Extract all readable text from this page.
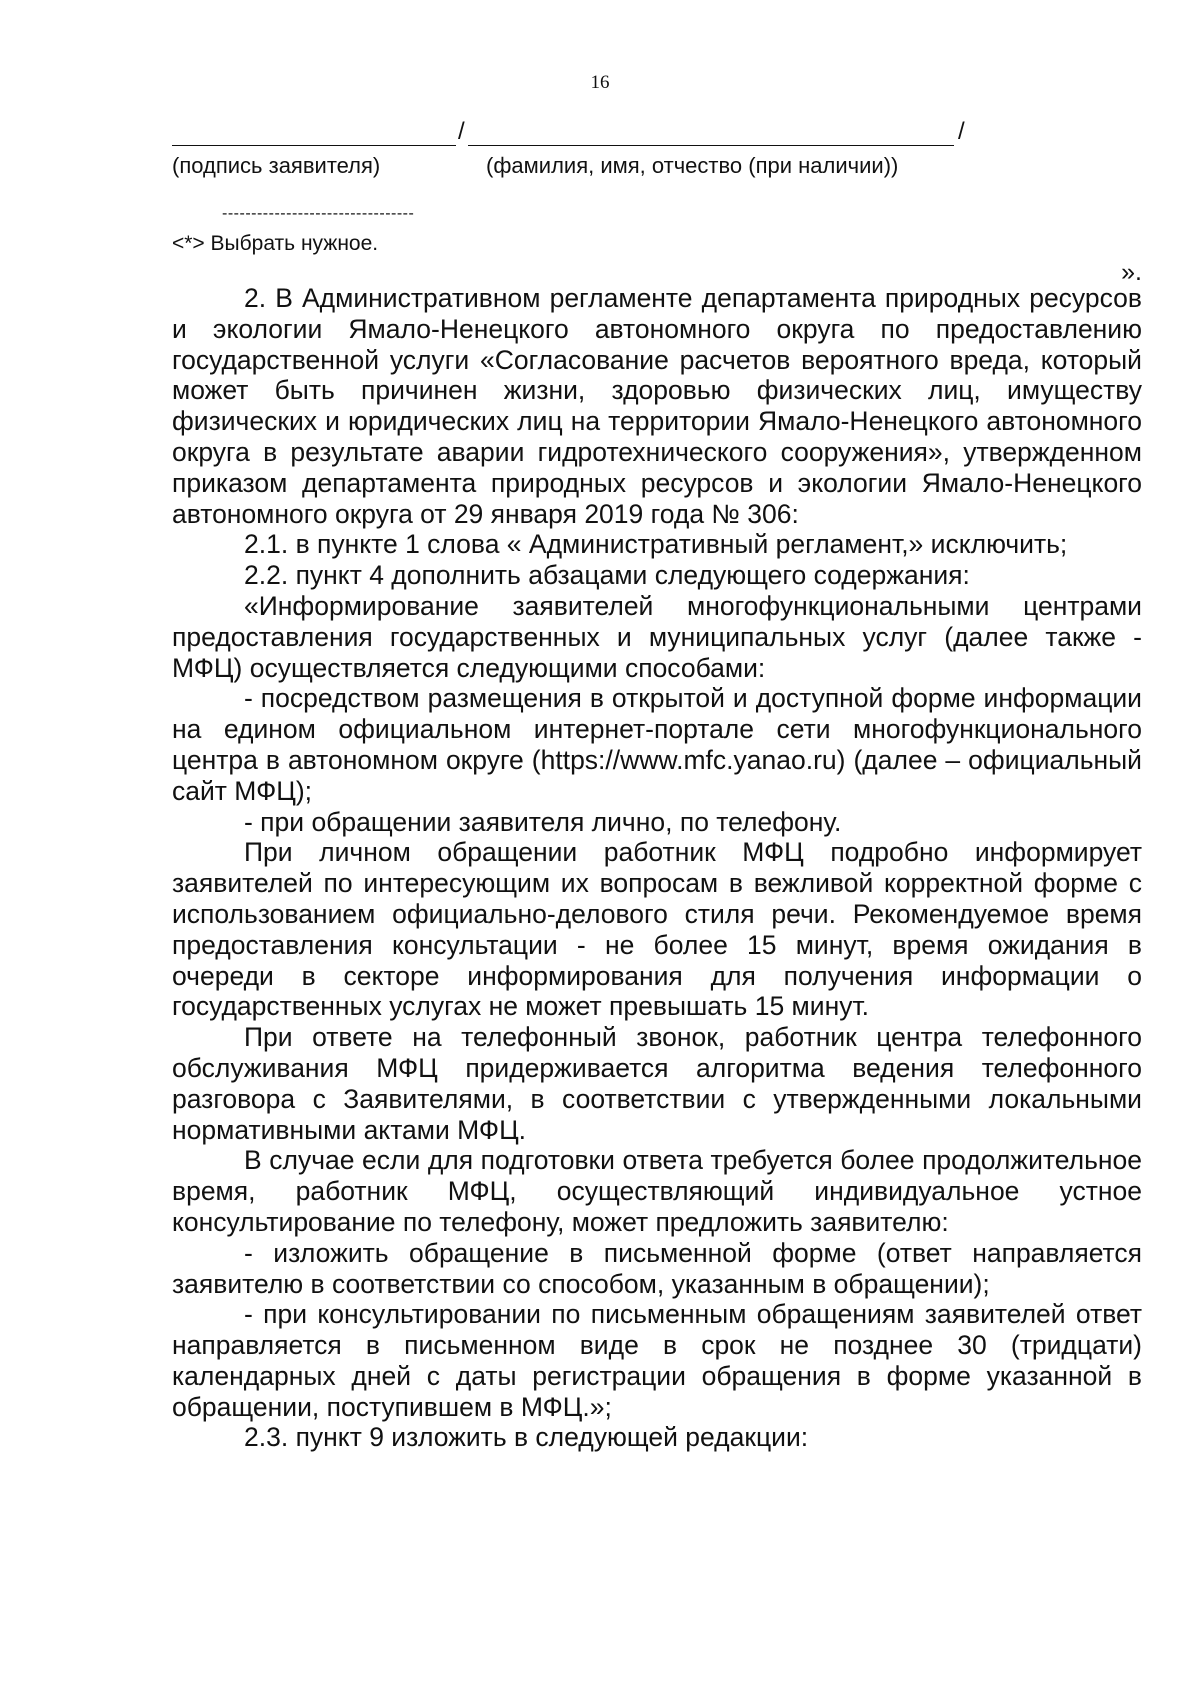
16
/	/
(подпись заявителя)	(фамилия, имя, отчество (при наличии))
---------------------------------
<*> Выбрать нужное.
».

2. В Административном регламенте департамента природных ресурсов и экологии Ямало-Ненецкого автономного округа по предоставлению государственной услуги «Согласование расчетов вероятного вреда, который может быть причинен жизни, здоровью физических лиц, имуществу физических и юридических лиц на территории Ямало-Ненецкого автономного округа в результате аварии гидротехнического сооружения», утвержденном приказом департамента природных ресурсов и экологии Ямало-Ненецкого автономного округа от 29 января 2019 года № 306:

2.1. в пункте 1 слова « Административный регламент,» исключить;

2.2. пункт 4 дополнить абзацами следующего содержания:

«Информирование заявителей многофункциональными центрами предоставления государственных и муниципальных услуг (далее также - МФЦ) осуществляется следующими способами:

- посредством размещения в открытой и доступной форме информации на едином официальном интернет-портале сети многофункционального центра в автономном округе (https://www.mfc.yanao.ru) (далее – официальный сайт МФЦ);

- при обращении заявителя лично, по телефону.

При личном обращении работник МФЦ подробно информирует заявителей по интересующим их вопросам в вежливой корректной форме с использованием официально-делового стиля речи. Рекомендуемое время предоставления консультации - не более 15 минут, время ожидания в очереди в секторе информирования для получения информации о государственных услугах не может превышать 15 минут.

При ответе на телефонный звонок, работник центра телефонного обслуживания МФЦ придерживается алгоритма ведения телефонного разговора с Заявителями, в соответствии с утвержденными локальными нормативными актами МФЦ.

В случае если для подготовки ответа требуется более продолжительное время, работник МФЦ, осуществляющий индивидуальное устное консультирование по телефону, может предложить заявителю:

- изложить обращение в письменной форме (ответ направляется заявителю в соответствии со способом, указанным в обращении);

- при консультировании по письменным обращениям заявителей ответ направляется в письменном виде в срок не позднее 30 (тридцати) календарных дней с даты регистрации обращения в форме указанной в обращении, поступившем в МФЦ.»;

2.3. пункт 9 изложить в следующей редакции:
